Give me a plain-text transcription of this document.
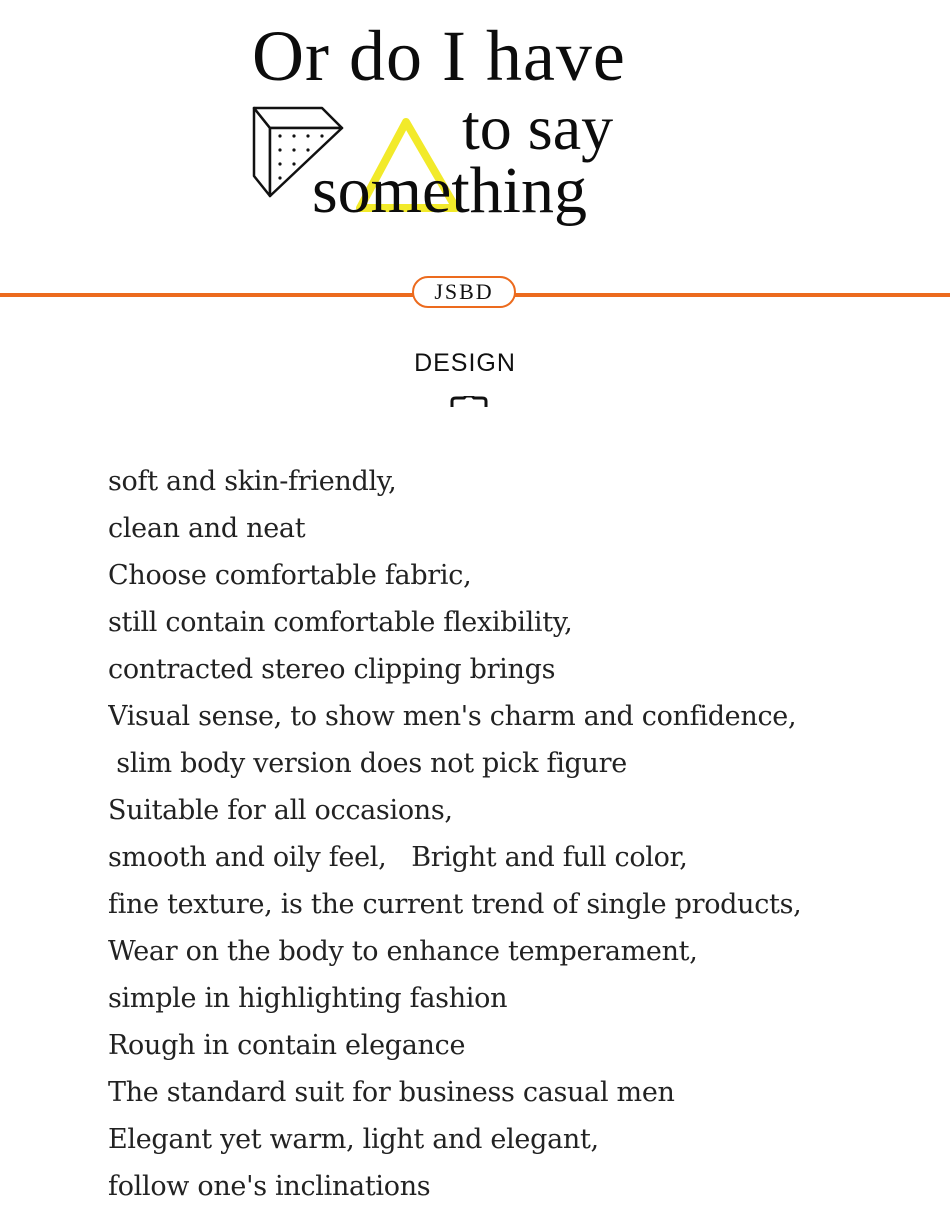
Or do I have
to say
something
JSBD
DESIGN
soft and skin-friendly,
clean and neat
Choose comfortable fabric,
still contain comfortable flexibility,
contracted stereo clipping brings
Visual sense, to show men's charm and confidence,
slim body version does not pick figure
Suitable for all occasions,
smooth and oily feel,   Bright and full color,
fine texture, is the current trend of single products,
Wear on the body to enhance temperament,
simple in highlighting fashion
Rough in contain elegance
The standard suit for business casual men
Elegant yet warm, light and elegant,
follow one's inclinations
